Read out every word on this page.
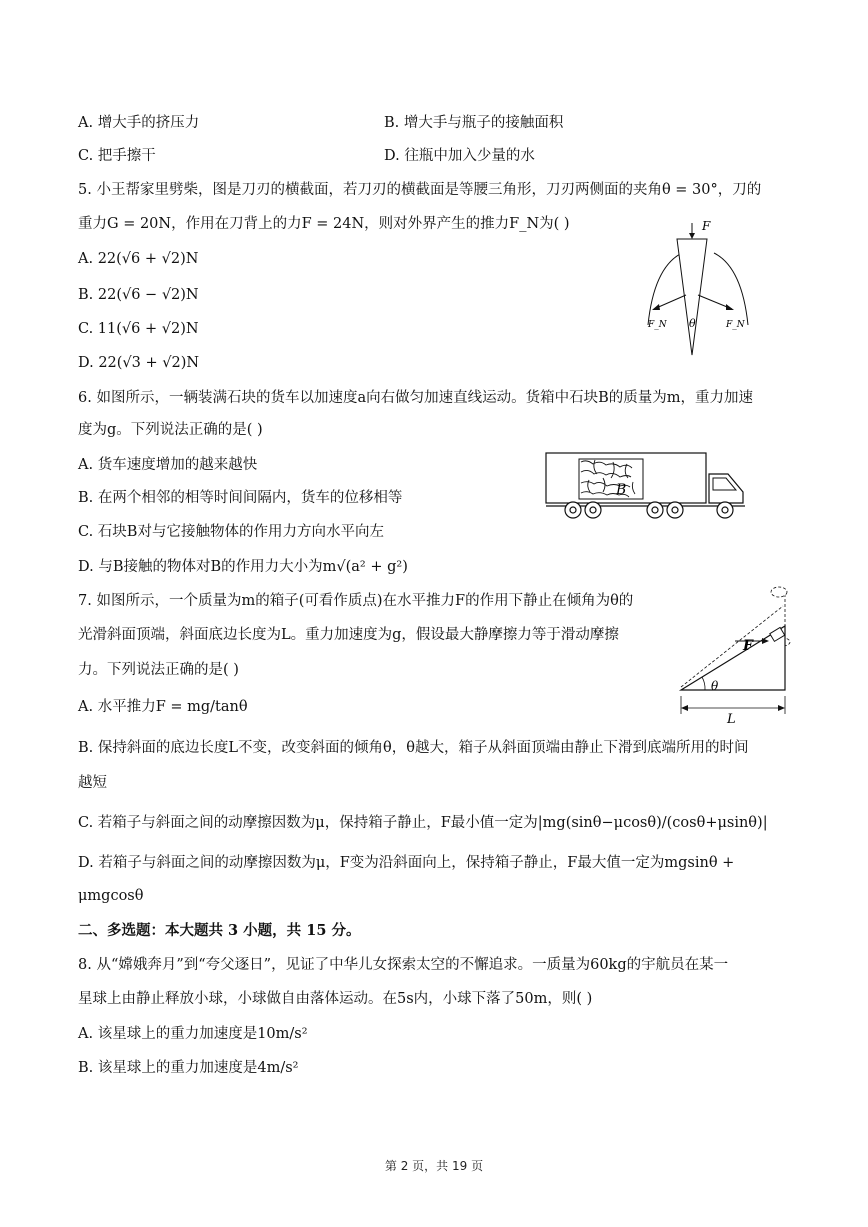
A. 增大手的挤压力	B. 增大手与瓶子的接触面积
C. 把手擦干	D. 往瓶中加入少量的水
5. 小王帮家里劈柴，图是刀刃的横截面，若刀刃的横截面是等腰三角形，刀刃两侧面的夹角θ = 30°，刀的
重力G = 20N，作用在刀背上的力F = 24N，则对外界产生的推力F_N为( )
A. 22(√6 + √2)N
B. 22(√6 − √2)N
C. 11(√6 + √2)N
D. 22(√3 + √2)N
F
F_N	F_N
θ
6. 如图所示，一辆装满石块的货车以加速度a向右做匀加速直线运动。货箱中石块B的质量为m，重力加速
度为g。下列说法正确的是( )
A. 货车速度增加的越来越快
B. 在两个相邻的相等时间间隔内，货车的位移相等
C. 石块B对与它接触物体的作用力方向水平向左
D. 与B接触的物体对B的作用力大小为m√(a² + g²)
B
7. 如图所示，一个质量为m的箱子(可看作质点)在水平推力F的作用下静止在倾角为θ的
光滑斜面顶端，斜面底边长度为L。重力加速度为g，假设最大静摩擦力等于滑动摩擦
力。下列说法正确的是( )
A. 水平推力F = mg/tanθ
B. 保持斜面的底边长度L不变，改变斜面的倾角θ，θ越大，箱子从斜面顶端由静止下滑到底端所用的时间
越短
C. 若箱子与斜面之间的动摩擦因数为μ，保持箱子静止，F最小值一定为|mg(sinθ−μcosθ)/(cosθ+μsinθ)|
D. 若箱子与斜面之间的动摩擦因数为μ，F变为沿斜面向上，保持箱子静止，F最大值一定为mgsinθ +
μmgcosθ
F
θ
L
二、多选题：本大题共 3 小题，共 15 分。
8. 从“嫦娥奔月”到“夸父逐日”，见证了中华儿女探索太空的不懈追求。一质量为60kg的宇航员在某一
星球上由静止释放小球，小球做自由落体运动。在5s内，小球下落了50m，则( )
A. 该星球上的重力加速度是10m/s²
B. 该星球上的重力加速度是4m/s²
第 2 页，共 19 页
